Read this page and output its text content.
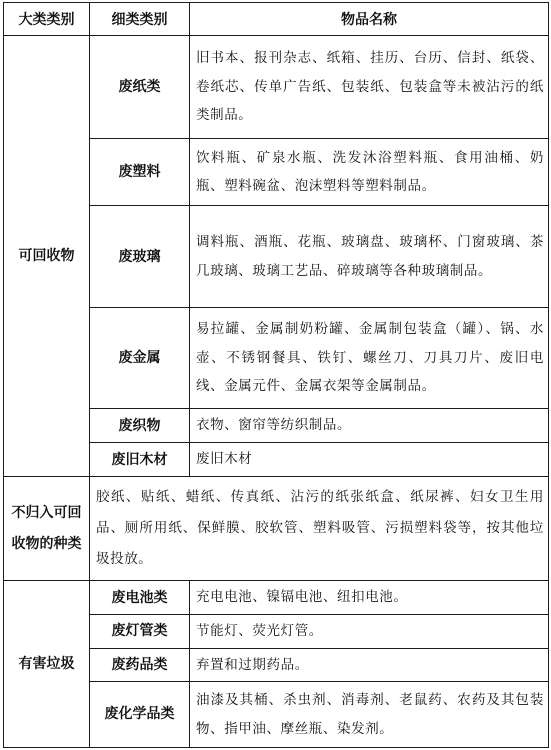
大类类别	细类类别	物品名称
可回收物	废纸类	旧书本、报刊杂志、纸箱、挂历、台历、信封、纸袋、卷纸芯、传单广告纸、包装纸、包装盒等未被沾污的纸类制品。
	废塑料	饮料瓶、矿泉水瓶、洗发沐浴塑料瓶、食用油桶、奶瓶、塑料碗盆、泡沫塑料等塑料制品。
	废玻璃	调料瓶、酒瓶、花瓶、玻璃盘、玻璃杯、门窗玻璃、茶几玻璃、玻璃工艺品、碎玻璃等各种玻璃制品。
	废金属	易拉罐、金属制奶粉罐、金属制包装盒（罐）、锅、水壶、不锈钢餐具、铁钉、螺丝刀、刀具刀片、废旧电线、金属元件、金属衣架等金属制品。
	废织物	衣物、窗帘等纺织制品。
	废旧木材	废旧木材
不归入可回收物的种类	胶纸、贴纸、蜡纸、传真纸、沾污的纸张纸盒、纸尿裤、妇女卫生用品、厕所用纸、保鲜膜、胶软管、塑料吸管、污损塑料袋等，按其他垃圾投放。	
有害垃圾	废电池类	充电电池、镍镉电池、纽扣电池。
	废灯管类	节能灯、荧光灯管。
	废药品类	弃置和过期药品。
	废化学品类	油漆及其桶、杀虫剂、消毒剂、老鼠药、农药及其包装物、指甲油、摩丝瓶、染发剂。
